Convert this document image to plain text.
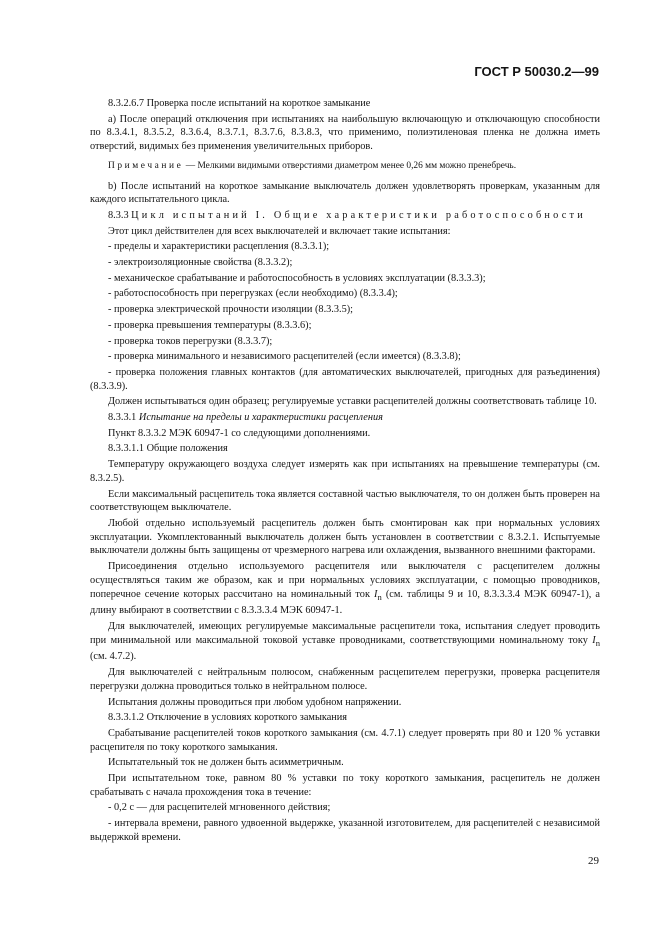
ГОСТ Р 50030.2—99

8.3.2.6.7 Проверка после испытаний на короткое замыкание

a) После операций отключения при испытаниях на наибольшую включающую и отключающую способности по 8.3.4.1, 8.3.5.2, 8.3.6.4, 8.3.7.1, 8.3.7.6, 8.3.8.3, что применимо, полиэтиленовая пленка не должна иметь отверстий, видимых без применения увеличительных приборов.

Примечание — Мелкими видимыми отверстиями диаметром менее 0,26 мм можно пренебречь.

b) После испытаний на короткое замыкание выключатель должен удовлетворять проверкам, указанным для каждого испытательного цикла.

8.3.3 Цикл испытаний I. Общие характеристики работоспособности

Этот цикл действителен для всех выключателей и включает такие испытания:

- пределы и характеристики расцепления (8.3.3.1);

- электроизоляционные свойства (8.3.3.2);

- механическое срабатывание и работоспособность в условиях эксплуатации (8.3.3.3);

- работоспособность при перегрузках (если необходимо) (8.3.3.4);

- проверка электрической прочности изоляции (8.3.3.5);

- проверка превышения температуры (8.3.3.6);

- проверка токов перегрузки (8.3.3.7);

- проверка минимального и независимого расцепителей (если имеется) (8.3.3.8);

- проверка положения главных контактов (для автоматических выключателей, пригодных для разъединения) (8.3.3.9).

Должен испытываться один образец; регулируемые уставки расцепителей должны соответствовать таблице 10.

8.3.3.1 Испытание на пределы и характеристики расцепления

Пункт 8.3.3.2 МЭК 60947-1 со следующими дополнениями.

8.3.3.1.1 Общие положения

Температуру окружающего воздуха следует измерять как при испытаниях на превышение температуры (см. 8.3.2.5).

Если максимальный расцепитель тока является составной частью выключателя, то он должен быть проверен на соответствующем выключателе.

Любой отдельно используемый расцепитель должен быть смонтирован как при нормальных условиях эксплуатации. Укомплектованный выключатель должен быть установлен в соответствии с 8.3.2.1. Испытуемые выключатели должны быть защищены от чрезмерного нагрева или охлаждения, вызванного внешними факторами.

Присоединения отдельно используемого расцепителя или выключателя с расцепителем должны осуществляться таким же образом, как и при нормальных условиях эксплуатации, с помощью проводников, поперечное сечение которых рассчитано на номинальный ток $I_n$ (см. таблицы 9 и 10, 8.3.3.3.4 МЭК 60947-1), а длину выбирают в соответствии с 8.3.3.3.4 МЭК 60947-1.

Для выключателей, имеющих регулируемые максимальные расцепители тока, испытания следует проводить при минимальной или максимальной токовой уставке проводниками, соответствующими номинальному току $I_n$ (см. 4.7.2).

Для выключателей с нейтральным полюсом, снабженным расцепителем перегрузки, проверка расцепителя перегрузки должна проводиться только в нейтральном полюсе.

Испытания должны проводиться при любом удобном напряжении.

8.3.3.1.2 Отключение в условиях короткого замыкания

Срабатывание расцепителей токов короткого замыкания (см. 4.7.1) следует проверять при 80 и 120 % уставки расцепителя по току короткого замыкания.

Испытательный ток не должен быть асимметричным.

При испытательном токе, равном 80 % уставки по току короткого замыкания, расцепитель не должен срабатывать с начала прохождения тока в течение:

- 0,2 с — для расцепителей мгновенного действия;

- интервала времени, равного удвоенной выдержке, указанной изготовителем, для расцепителей с независимой выдержкой времени.

29
